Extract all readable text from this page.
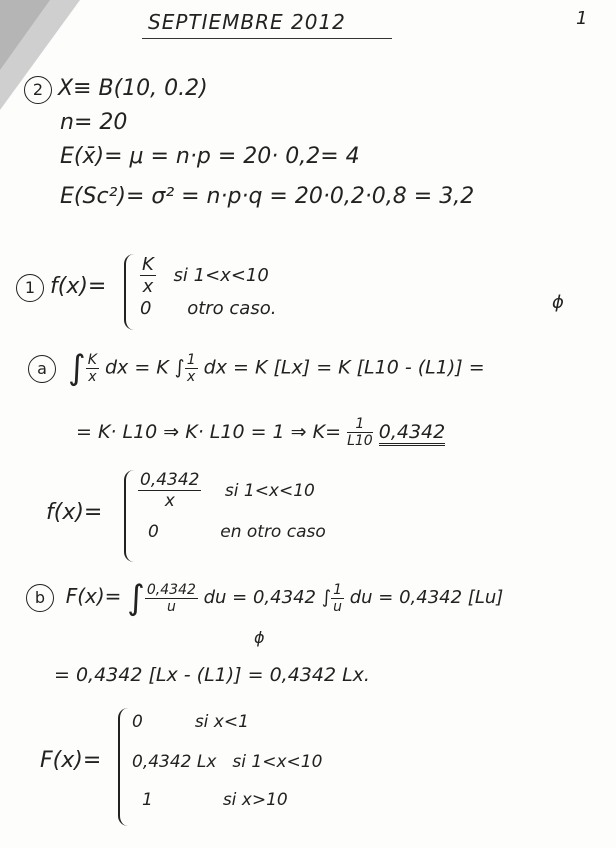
SEPTIEMBRE 2012	1
2 X≡ B(10, 0.2)
n= 20
E(x̄)= μ = n·p = 20· 0,2= 4
E(Sc²)= σ² = n·p·q = 20·0,2·0,8 = 3,2
1 $f(x)= \frac{K}{x}$ si 1<x<10
0 otro caso.
a ∫ $\frac{K}{x}$ dx = K ∫ $\frac{1}{x}$ dx = K [Lx] = K [L10 - (L1)] =
ϕ
= K· L10 ⇒ K· L10 = 1 ⇒ $K= \frac{1}{L10} 0,4342$
f(x)=
$\frac{0,4342}{x}$ si 1<x<10
0	en otro caso
b F(x)= ∫ $\frac{0,4342}{u}$ du = 0,4342 ∫ $\frac{1}{u}$ du = 0,4342 [Lu]
ϕ
= 0,4342 [Lx - (L1)] = 0,4342 Lx.
F(x)=
0	si x<1
0,4342 Lx si 1<x<10
1	si x>10
